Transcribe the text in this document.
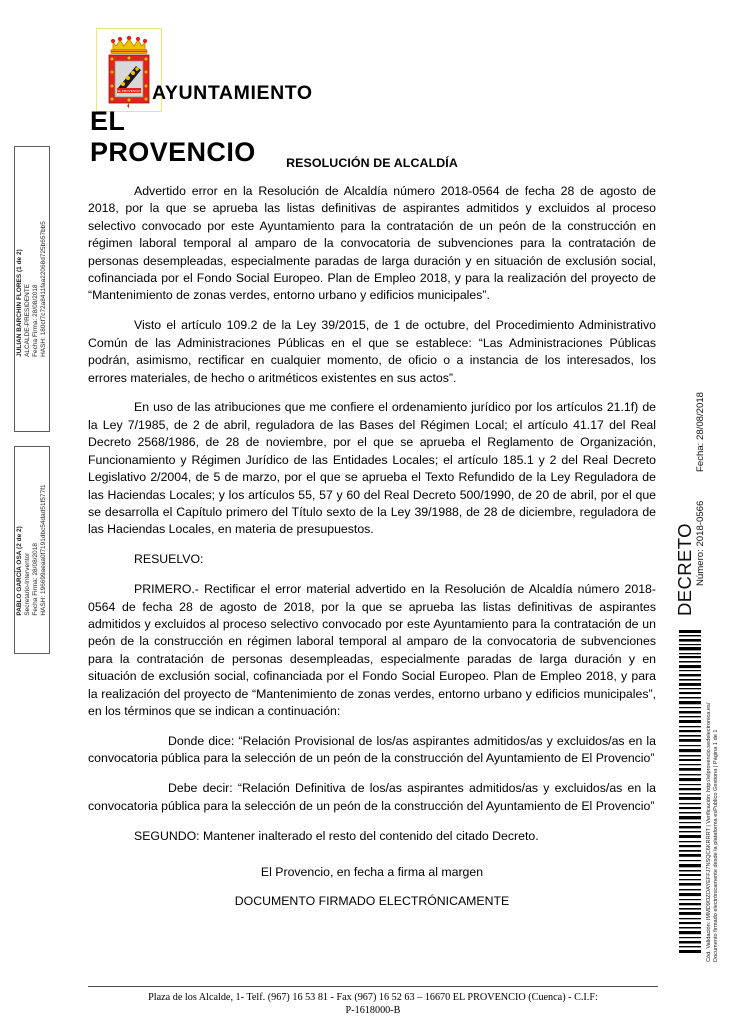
JULIAN BARCHIN FLORES (1 de 2) ALCALDE-PRESIDENTE Fecha Firma: 28/08/2018 HASH: 180cf7c72a8411faa22068d725b657bb5
PABLO GARCÍA OSA (2 de 2) Secretario-Interventor Fecha Firma: 28/08/2018 HASH: 196699aeaa0f7191dbc54dad51f577f1
EL PROVENCIO AYUNTAMIENTO
EL PROVENCIO	RESOLUCIÓN DE ALCALDÍA

Advertido error en la Resolución de Alcaldía número 2018-0564 de fecha 28 de agosto de 2018, por la que se aprueba las listas definitivas de aspirantes admitidos y excluidos al proceso selectivo convocado por este Ayuntamiento para la contratación de un peón de la construcción en régimen laboral temporal al amparo de la convocatoria de subvenciones para la contratación de personas desempleadas, especialmente paradas de larga duración y en situación de exclusión social, cofinanciada por el Fondo Social Europeo. Plan de Empleo 2018, y para la realización del proyecto de “Mantenimiento de zonas verdes, entorno urbano y edificios municipales”.

Visto el artículo 109.2 de la Ley 39/2015, de 1 de octubre, del Procedimiento Administrativo Común de las Administraciones Públicas en el que se establece: “Las Administraciones Públicas podrán, asimismo, rectificar en cualquier momento, de oficio o a instancia de los interesados, los errores materiales, de hecho o aritméticos existentes en sus actos”.

En uso de las atribuciones que me confiere el ordenamiento jurídico por los artículos 21.1f) de la Ley 7/1985, de 2 de abril, reguladora de las Bases del Régimen Local; el artículo 41.17 del Real Decreto 2568/1986, de 28 de noviembre, por el que se aprueba el Reglamento de Organización, Funcionamiento y Régimen Jurídico de las Entidades Locales; el artículo 185.1 y 2 del Real Decreto Legislativo 2/2004, de 5 de marzo, por el que se aprueba el Texto Refundido de la Ley Reguladora de las Haciendas Locales; y los artículos 55, 57 y 60 del Real Decreto 500/1990, de 20 de abril, por el que se desarrolla el Capítulo primero del Título sexto de la Ley 39/1988, de 28 de diciembre, reguladora de las Haciendas Locales, en materia de presupuestos.

RESUELVO:

PRIMERO.- Rectificar el error material advertido en la Resolución de Alcaldía número 2018-0564 de fecha 28 de agosto de 2018, por la que se aprueba las listas definitivas de aspirantes admitidos y excluidos al proceso selectivo convocado por este Ayuntamiento para la contratación de un peón de la construcción en régimen laboral temporal al amparo de la convocatoria de subvenciones para la contratación de personas desempleadas, especialmente paradas de larga duración y en situación de exclusión social, cofinanciada por el Fondo Social Europeo. Plan de Empleo 2018, y para la realización del proyecto de “Mantenimiento de zonas verdes, entorno urbano y edificios municipales”, en los términos que se indican a continuación:

Donde dice: “Relación Provisional de los/as aspirantes admitidos/as y excluidos/as en la convocatoria pública para la selección de un peón de la construcción del Ayuntamiento de El Provencio”

Debe decir: “Relación Definitiva de los/as aspirantes admitidos/as y excluidos/as en la convocatoria pública para la selección de un peón de la construcción del Ayuntamiento de El Provencio”

SEGUNDO: Mantener inalterado el resto del contenido del citado Decreto.

El Provencio, en fecha a firma al margen

DOCUMENTO FIRMADO ELECTRÓNICAMENTE

Plaza de los Alcalde, 1- Telf. (967) 16 53 81 - Fax (967) 16 52 63 – 16670 EL PROVENCIO (Cuenca) - C.I.F:
P-1618000-B
DECRETO Número: 2018-0566
Fecha: 28/08/2018
Cód. Validación: IMMD9OZOAYEFFJ7NSQC6KRRRT | Verificación: http://elprovencio.sedelectronica.es/ Documento firmado electrónicamente desde la plataforma esPublico Gestiona | Página 1 de 1
